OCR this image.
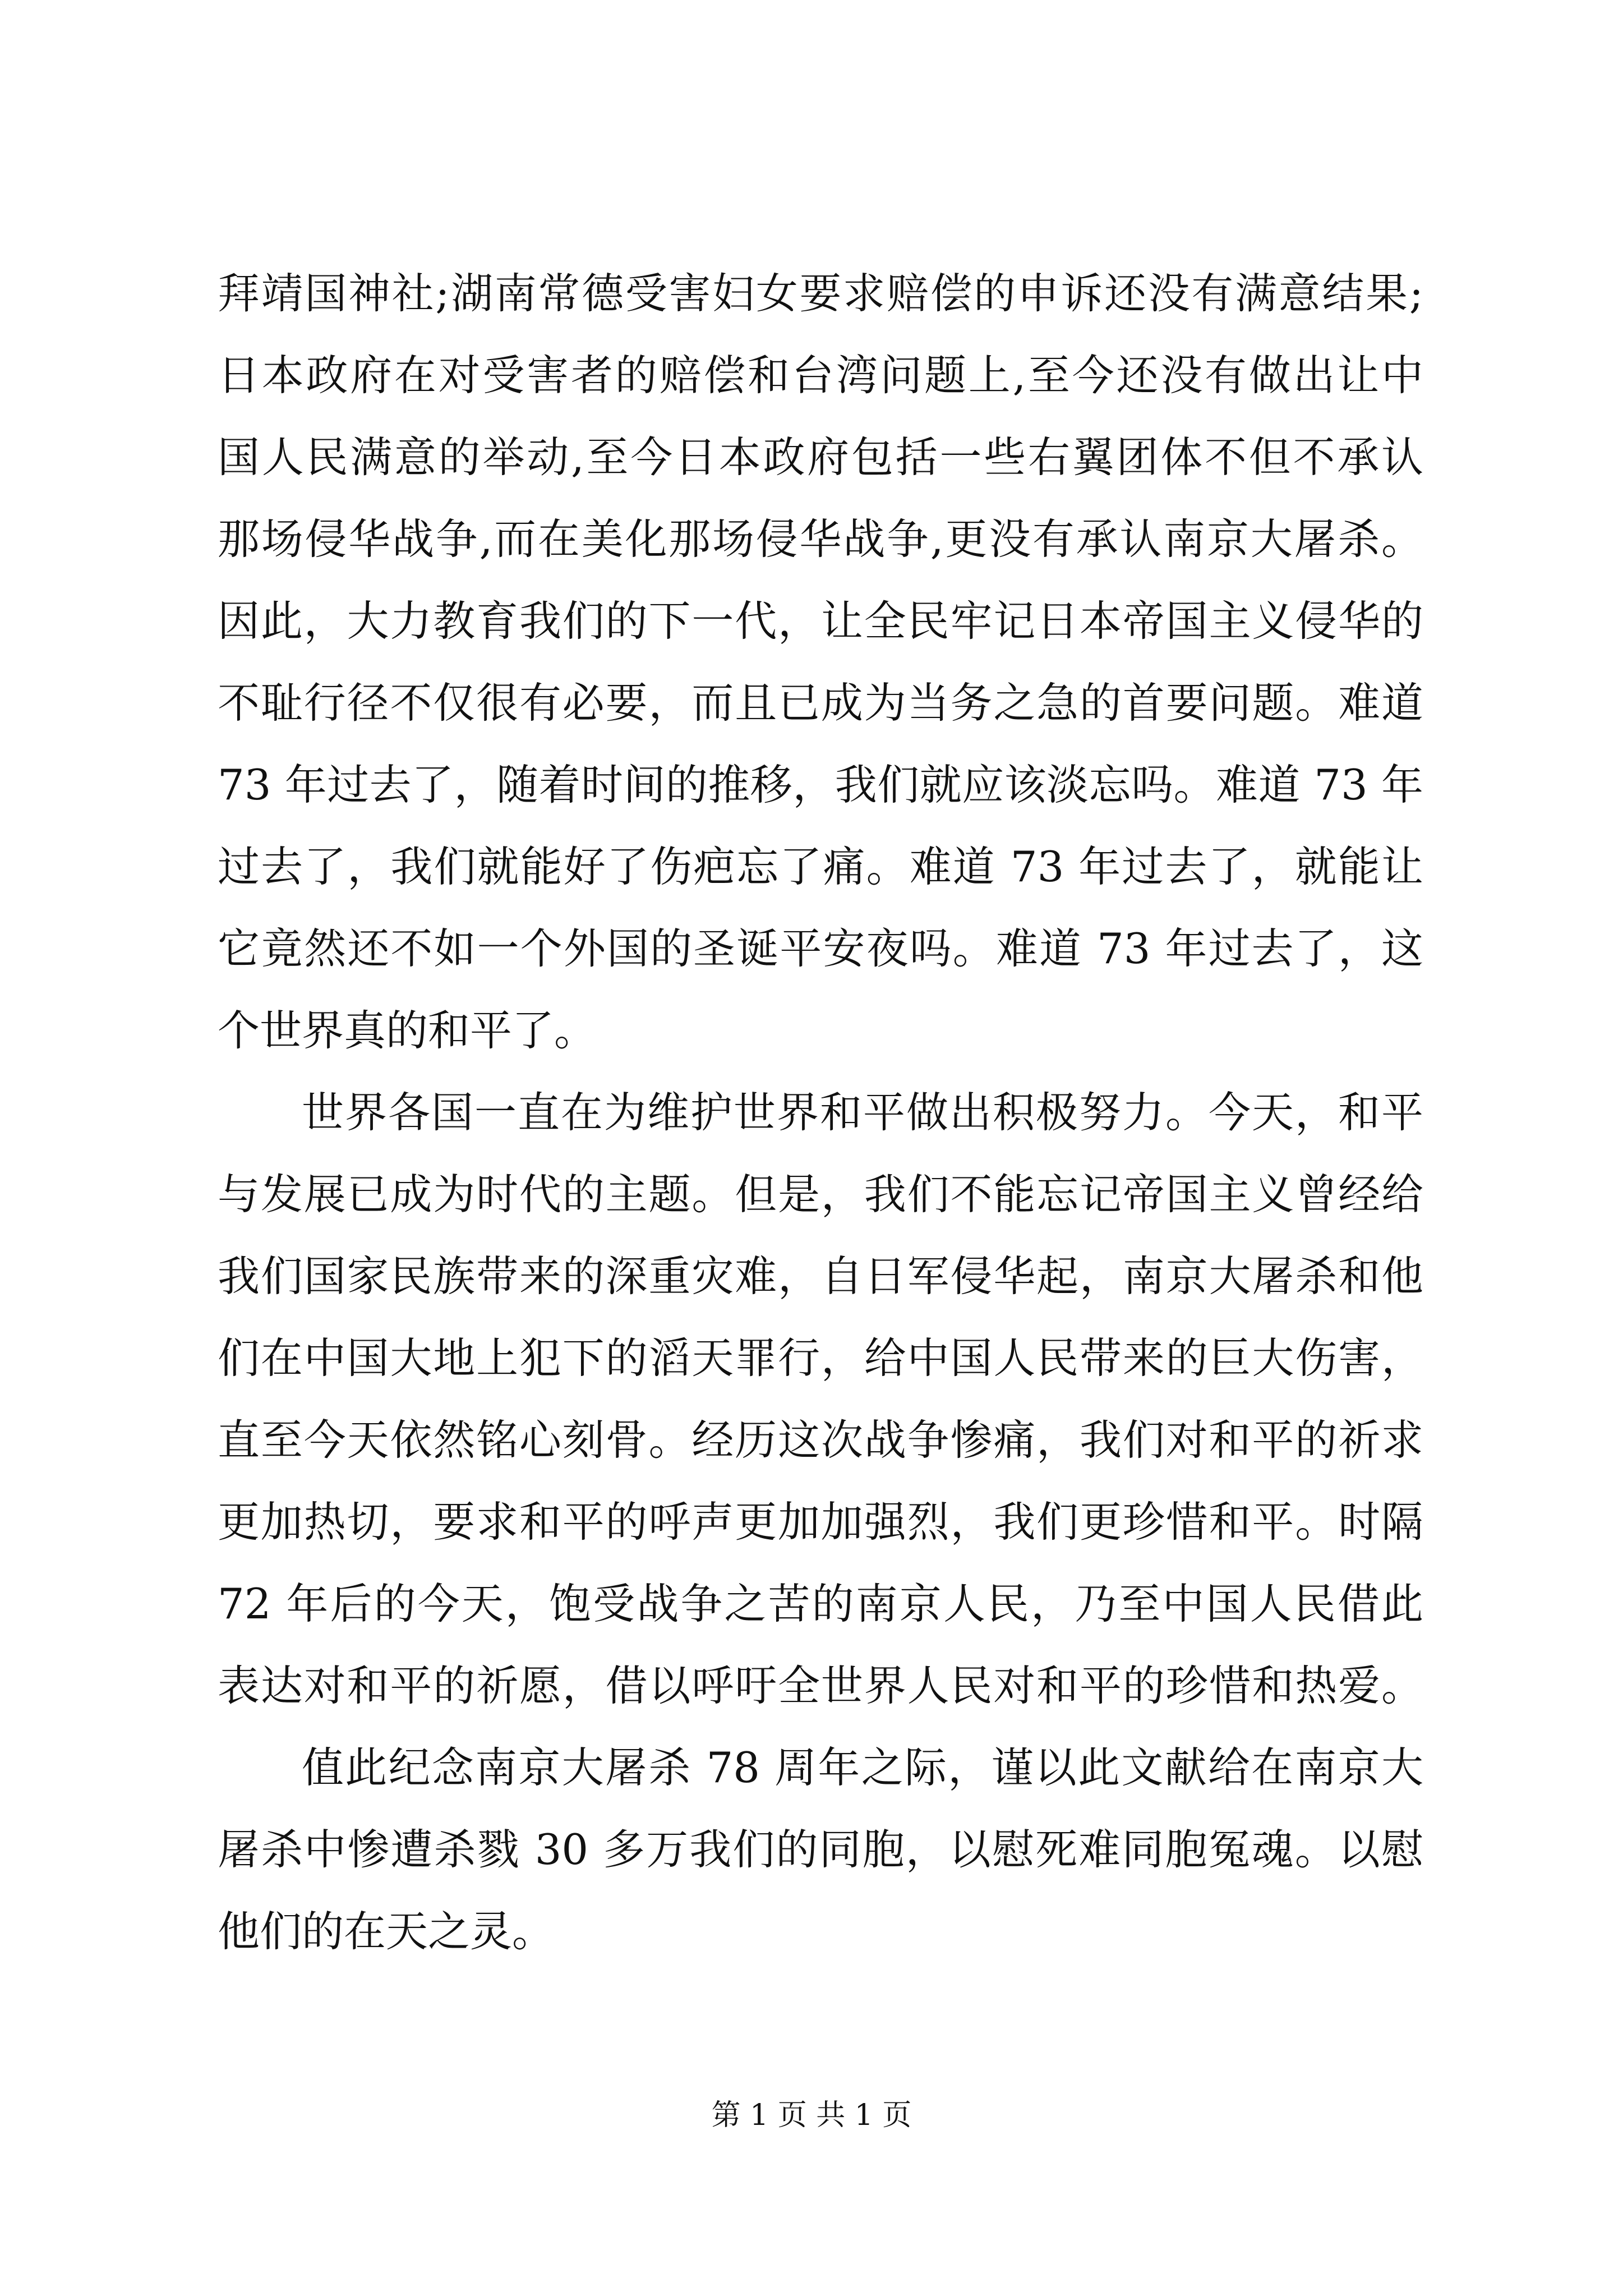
拜靖国神社;湖南常德受害妇女要求赔偿的申诉还没有满意结果;
日本政府在对受害者的赔偿和台湾问题上,至今还没有做出让中
国人民满意的举动,至今日本政府包括一些右翼团体不但不承认
那场侵华战争,而在美化那场侵华战争,更没有承认南京大屠杀。
因此，大力教育我们的下一代，让全民牢记日本帝国主义侵华的
不耻行径不仅很有必要，而且已成为当务之急的首要问题。难道
73 年过去了，随着时间的推移，我们就应该淡忘吗。难道 73 年
过去了，我们就能好了伤疤忘了痛。难道 73 年过去了，就能让
它竟然还不如一个外国的圣诞平安夜吗。难道 73 年过去了，这
个世界真的和平了。
世界各国一直在为维护世界和平做出积极努力。今天，和平
与发展已成为时代的主题。但是，我们不能忘记帝国主义曾经给
我们国家民族带来的深重灾难，自日军侵华起，南京大屠杀和他
们在中国大地上犯下的滔天罪行，给中国人民带来的巨大伤害，
直至今天依然铭心刻骨。经历这次战争惨痛，我们对和平的祈求
更加热切，要求和平的呼声更加加强烈，我们更珍惜和平。时隔
72 年后的今天，饱受战争之苦的南京人民，乃至中国人民借此
表达对和平的祈愿，借以呼吁全世界人民对和平的珍惜和热爱。
值此纪念南京大屠杀 78 周年之际，谨以此文献给在南京大
屠杀中惨遭杀戮 30 多万我们的同胞，以慰死难同胞冤魂。以慰
他们的在天之灵。
第 1 页 共 1 页
